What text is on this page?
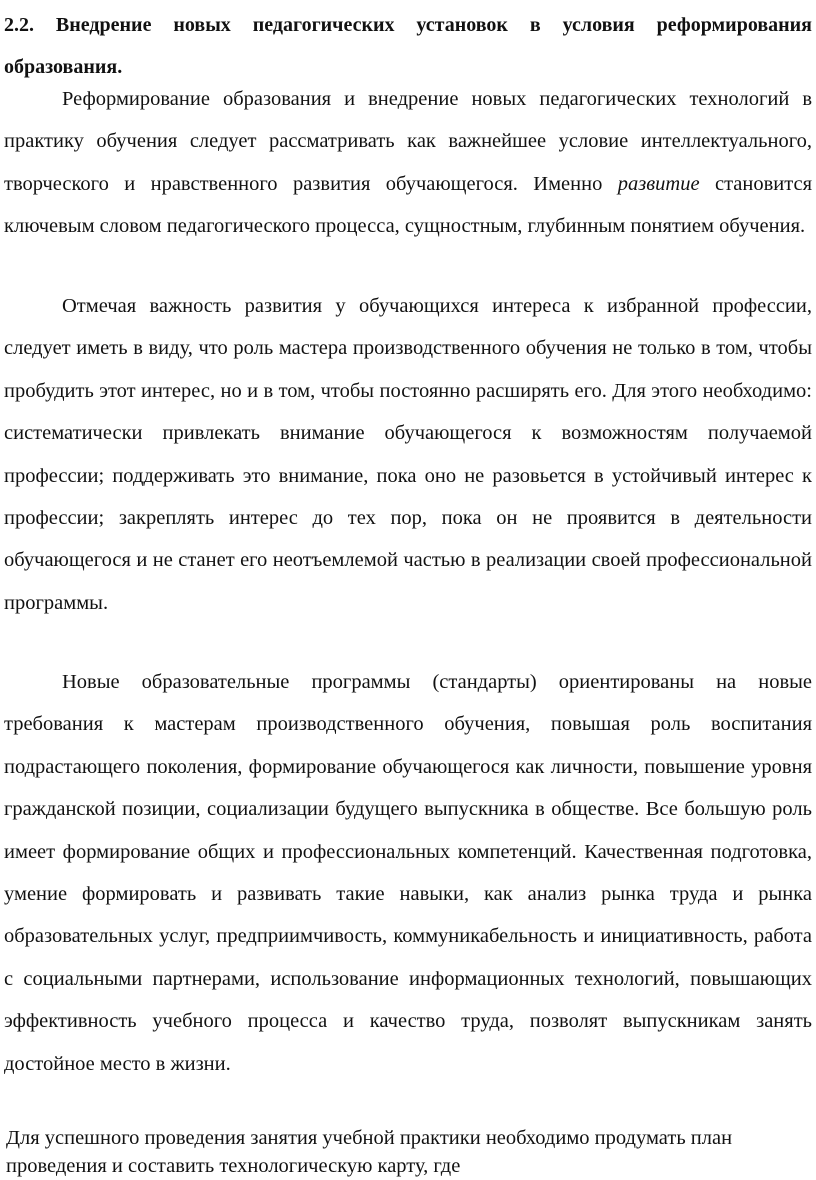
2.2. Внедрение новых педагогических установок в условия реформирования образования.
Реформирование образования и внедрение новых педагогических технологий в практику обучения следует рассматривать как важнейшее условие интеллектуального, творческого и нравственного развития обучающегося. Именно развитие становится ключевым словом педагогического процесса, сущностным, глубинным понятием обучения.
Отмечая важность развития у обучающихся интереса к избранной профессии, следует иметь в виду, что роль мастера производственного обучения не только в том, чтобы пробудить этот интерес, но и в том, чтобы постоянно расширять его. Для этого необходимо: систематически привлекать внимание обучающегося к возможностям получаемой профессии; поддерживать это внимание, пока оно не разовьется в устойчивый интерес к профессии; закреплять интерес до тех пор, пока он не проявится в деятельности обучающегося и не станет его неотъемлемой частью в реализации своей профессиональной программы.
Новые образовательные программы (стандарты) ориентированы на новые требования к мастерам производственного обучения, повышая роль воспитания подрастающего поколения, формирование обучающегося как личности, повышение уровня гражданской позиции, социализации будущего выпускника в обществе. Все большую роль имеет формирование общих и профессиональных компетенций. Качественная подготовка, умение формировать и развивать такие навыки, как анализ рынка труда и рынка образовательных услуг, предприимчивость, коммуникабельность и инициативность, работа с социальными партнерами, использование информационных технологий, повышающих эффективность учебного процесса и качество труда, позволят выпускникам занять достойное место в жизни.
Для успешного проведения занятия учебной практики необходимо продумать план проведения и составить технологическую карту, где
